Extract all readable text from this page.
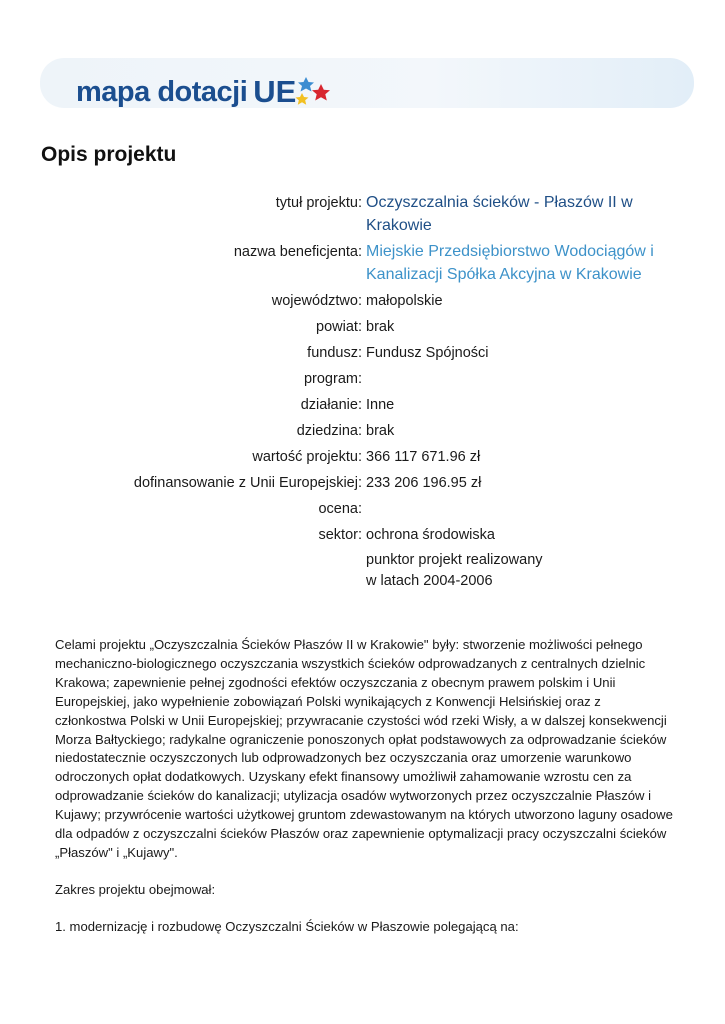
mapa dotacji UE
Opis projektu
tytuł projektu: Oczyszczalnia ścieków - Płaszów II w Krakowie
nazwa beneficjenta: Miejskie Przedsiębiorstwo Wodociągów i Kanalizacji Spółka Akcyjna w Krakowie
województwo: małopolskie
powiat: brak
fundusz: Fundusz Spójności
program:
działanie: Inne
dziedzina: brak
wartość projektu: 366 117 671.96 zł
dofinansowanie z Unii Europejskiej: 233 206 196.95 zł
ocena:
sektor: ochrona środowiska
punktor projekt realizowany
w latach 2004-2006

Celami projektu „Oczyszczalnia Ścieków Płaszów II w Krakowie" były: stworzenie możliwości pełnego mechaniczno-biologicznego oczyszczania wszystkich ścieków odprowadzanych z centralnych dzielnic Krakowa; zapewnienie pełnej zgodności efektów oczyszczania z obecnym prawem polskim i Unii Europejskiej, jako wypełnienie zobowiązań Polski wynikających z Konwencji Helsińskiej oraz z członkostwa Polski w Unii Europejskiej; przywracanie czystości wód rzeki Wisły, a w dalszej konsekwencji Morza Bałtyckiego; radykalne ograniczenie ponoszonych opłat podstawowych za odprowadzanie ścieków niedostatecznie oczyszczonych lub odprowadzonych bez oczyszczania oraz umorzenie warunkowo odroczonych opłat dodatkowych. Uzyskany efekt finansowy umożliwił zahamowanie wzrostu cen za odprowadzanie ścieków do kanalizacji; utylizacja osadów wytworzonych przez oczyszczalnie Płaszów i Kujawy; przywrócenie wartości użytkowej gruntom zdewastowanym na których utworzono laguny osadowe dla odpadów z oczyszczalni ścieków Płaszów oraz zapewnienie optymalizacji pracy oczyszczalni ścieków „Płaszów" i „Kujawy".

Zakres projektu obejmował:

1. modernizację i rozbudowę Oczyszczalni Ścieków w Płaszowie polegającą na:
